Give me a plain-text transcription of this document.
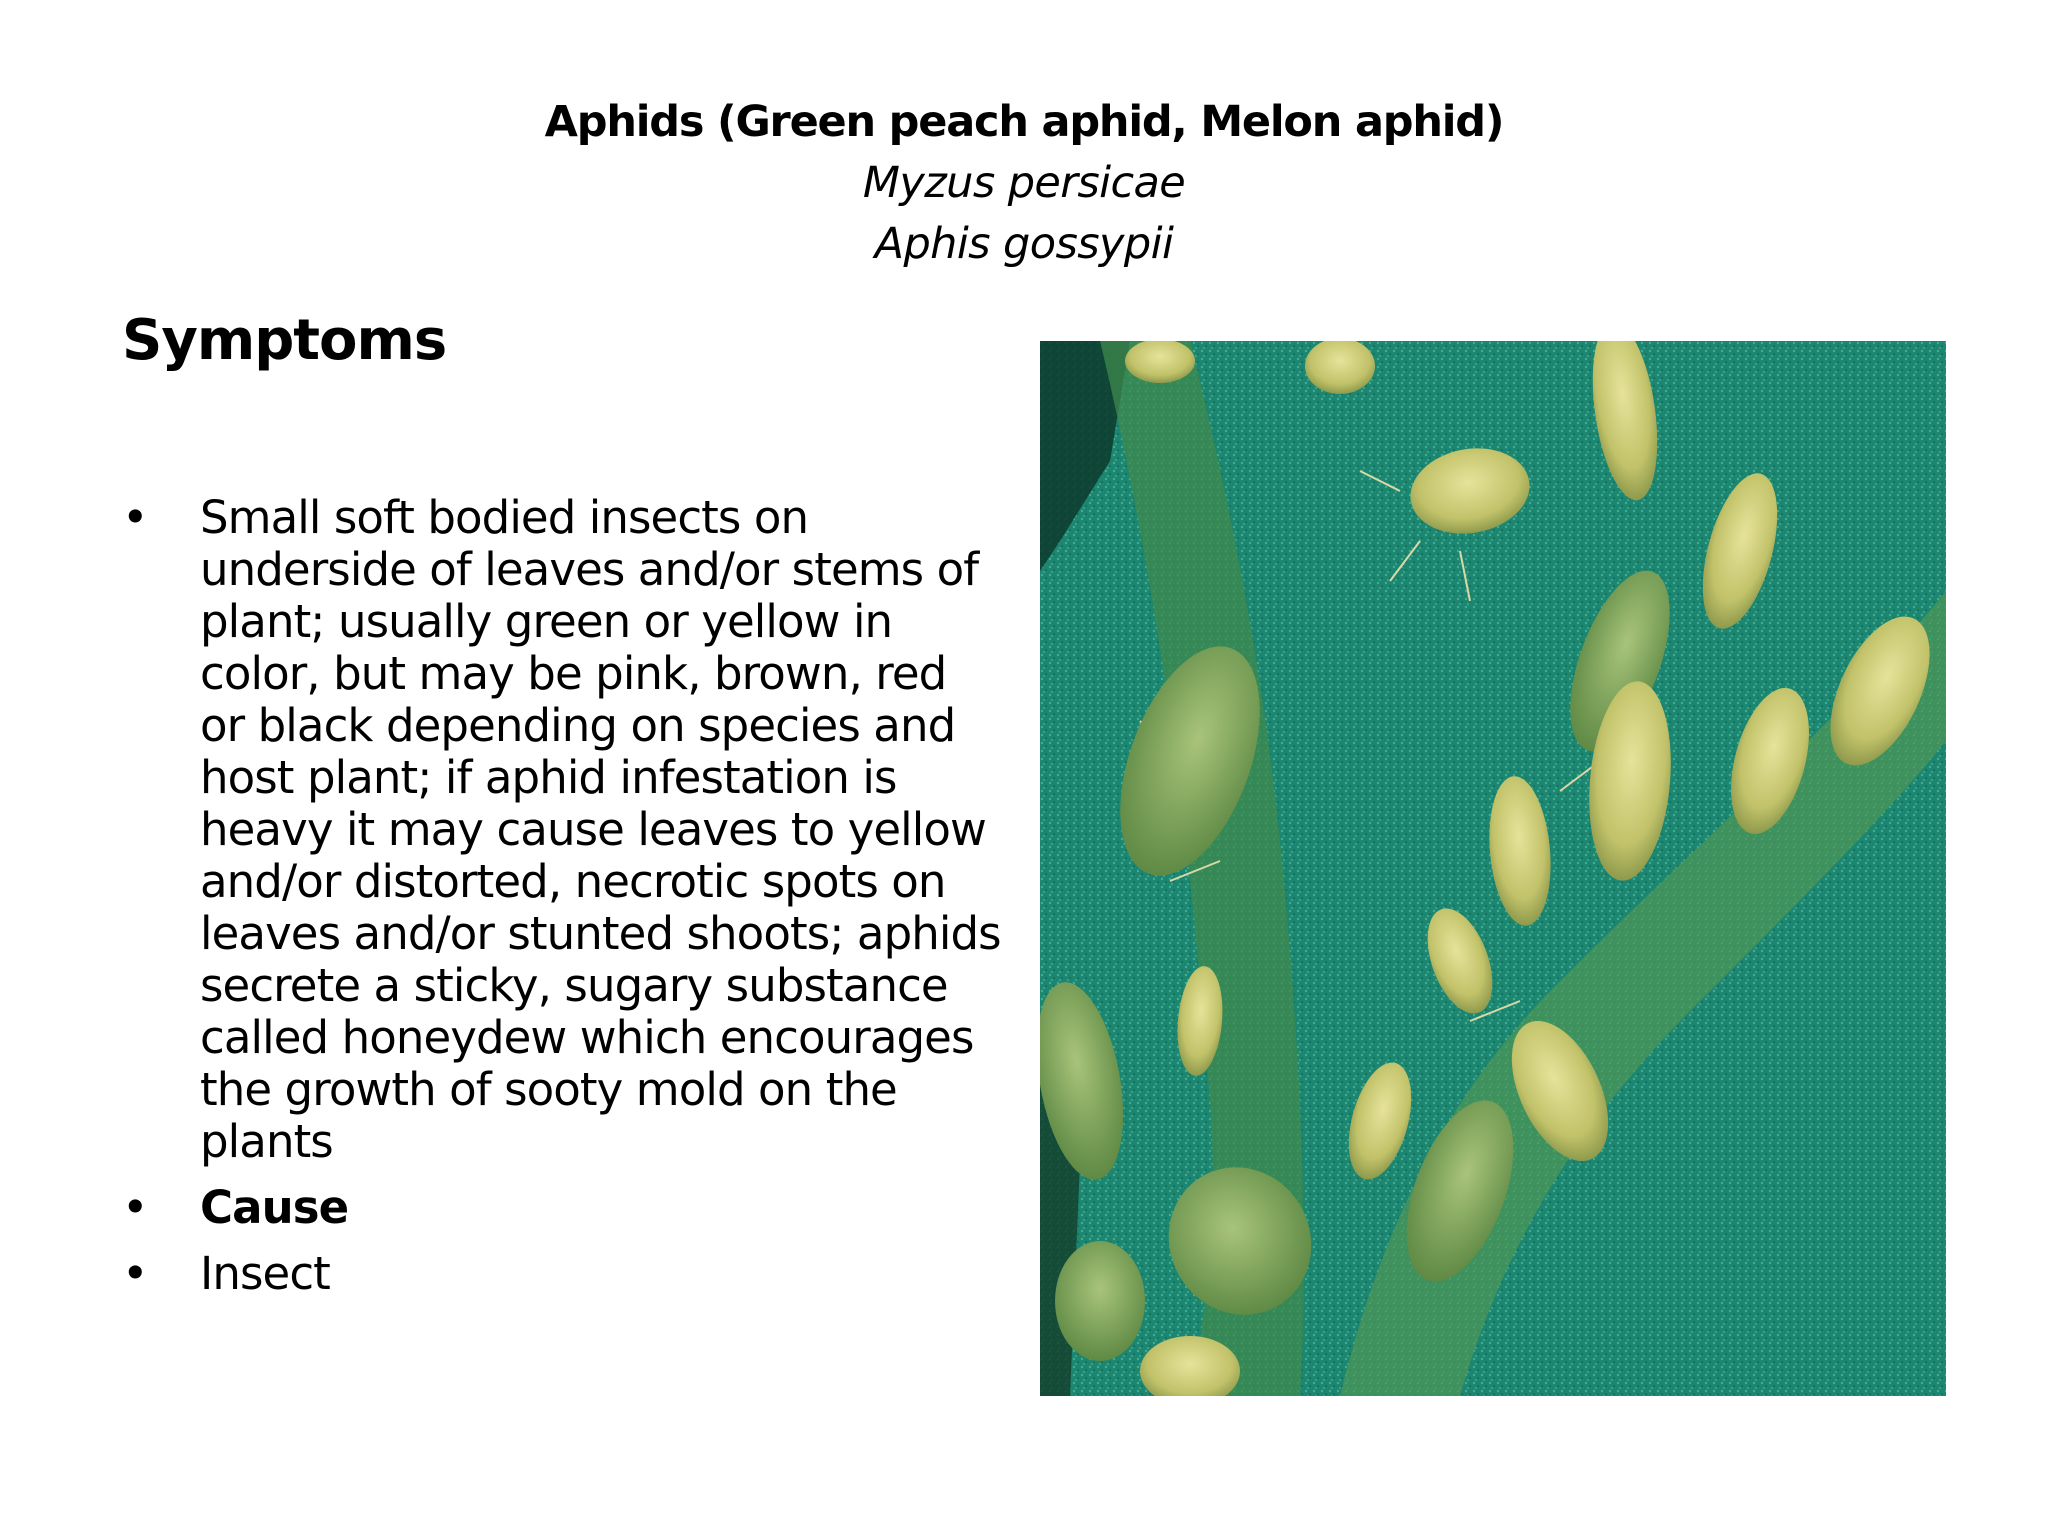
Aphids (Green peach aphid, Melon aphid)
Myzus persicae
Aphis gossypii
Symptoms
• Small soft bodied insects on underside of leaves and/or stems of plant; usually green or yellow in color, but may be pink, brown, red or black depending on species and host plant; if aphid infestation is heavy it may cause leaves to yellow and/or distorted, necrotic spots on leaves and/or stunted shoots; aphids secrete a sticky, sugary substance called honeydew which encourages the growth of sooty mold on the plants
• Cause
• Insect
